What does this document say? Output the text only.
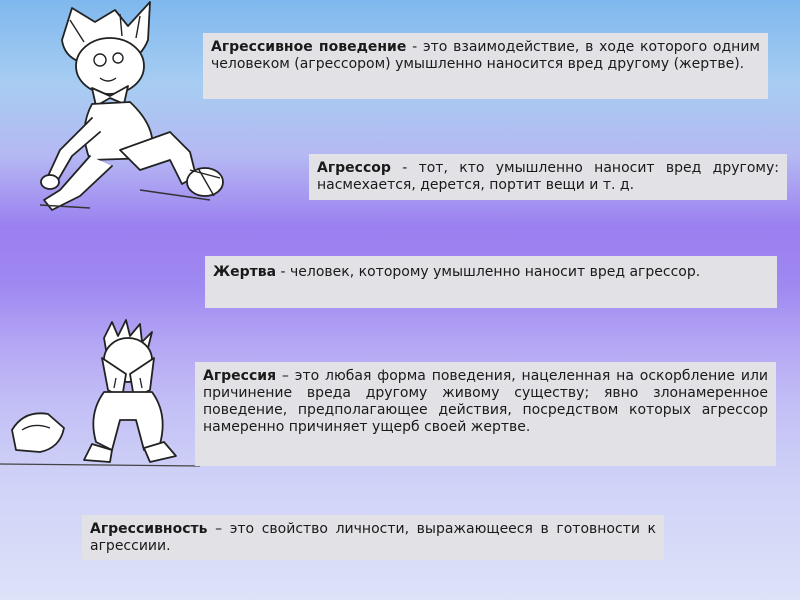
Агрессивное поведение - это взаимодействие, в ходе которого одним человеком (агрессором) умышленно наносится вред другому (жертве).
Агрессор - тот, кто умышленно наносит вред другому: насмехается, дерется, портит вещи и т. д.
Жертва - человек, которому умышленно наносит вред агрессор.
Агрессия – это любая форма поведения, нацеленная на оскорбление или причинение вреда другому живому существу; явно злонамеренное поведение, предполагающее действия, посредством которых агрессор намеренно причиняет ущерб своей жертве.
Агрессивность – это свойство личности, выражающееся в готовности к агрессиии.
